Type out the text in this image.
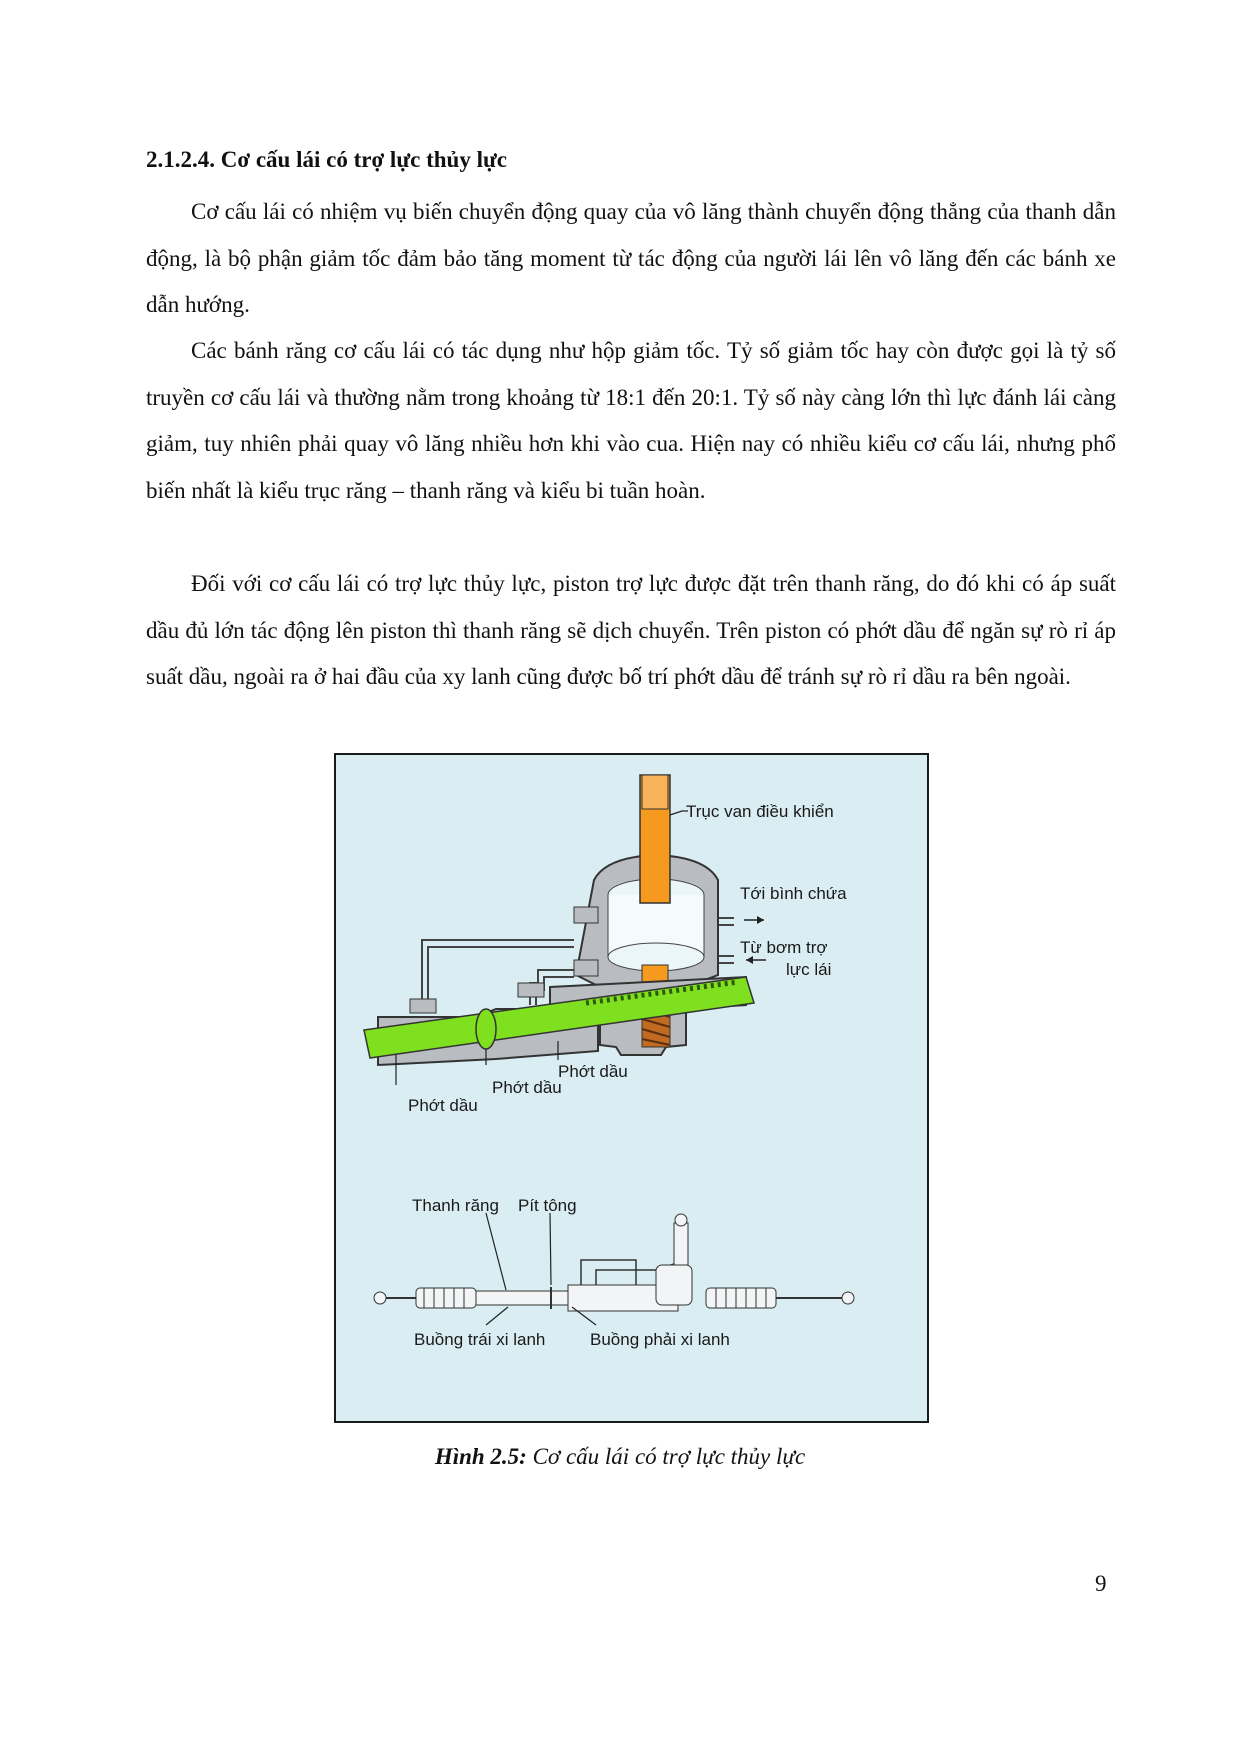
2.1.2.4. Cơ cấu lái có trợ lực thủy lực

Cơ cấu lái có nhiệm vụ biến chuyển động quay của vô lăng thành chuyển động thẳng của thanh dẫn động, là bộ phận giảm tốc đảm bảo tăng moment từ tác động của người lái lên vô lăng đến các bánh xe dẫn hướng.

Các bánh răng cơ cấu lái có tác dụng như hộp giảm tốc. Tỷ số giảm tốc hay còn được gọi là tỷ số truyền cơ cấu lái và thường nằm trong khoảng từ 18:1 đến 20:1. Tỷ số này càng lớn thì lực đánh lái càng giảm, tuy nhiên phải quay vô lăng nhiều hơn khi vào cua. Hiện nay có nhiều kiểu cơ cấu lái, nhưng phổ biến nhất là kiểu trục răng – thanh răng và kiểu bi tuần hoàn.

Đối với cơ cấu lái có trợ lực thủy lực, piston trợ lực được đặt trên thanh răng, do đó khi có áp suất dầu đủ lớn tác động lên piston thì thanh răng sẽ dịch chuyển. Trên piston có phớt dầu để ngăn sự rò rỉ áp suất dầu, ngoài ra ở hai đầu của xy lanh cũng được bố trí phớt dầu để tránh sự rò rỉ dầu ra bên ngoài.

Trục van điều khiển
Tới bình chứa
Từ bơm trợ
lực lái
Phớt dầu
Phớt dầu
Phớt dầu
Thanh răng Pít tông
Buồng trái xi lanh	Buồng phải xi lanh

Hình 2.5: Cơ cấu lái có trợ lực thủy lực

9
